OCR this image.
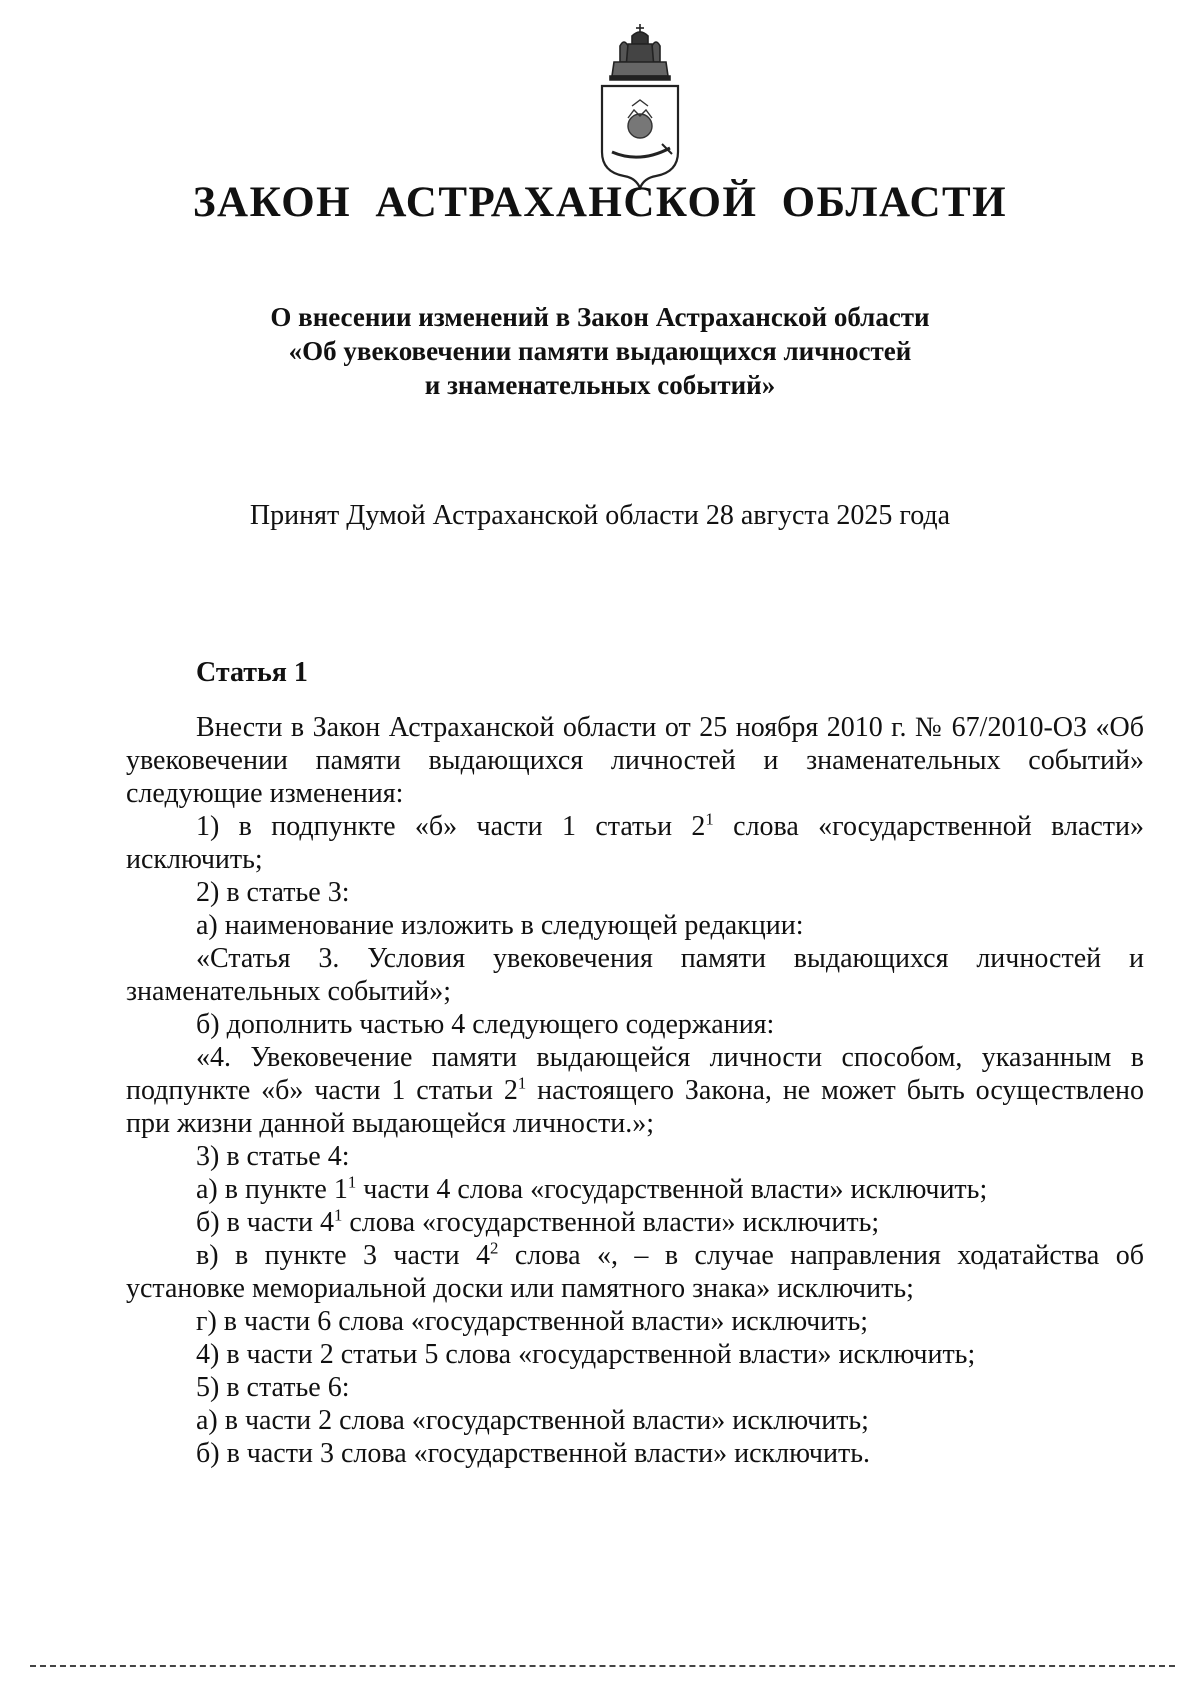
ЗАКОН АСТРАХАНСКОЙ ОБЛАСТИ
О внесении изменений в Закон Астраханской области
«Об увековечении памяти выдающихся личностей
и знаменательных событий»

Принят Думой Астраханской области 28 августа 2025 года

Статья 1

Внести в Закон Астраханской области от 25 ноября 2010 г. № 67/2010-ОЗ «Об увековечении памяти выдающихся личностей и знаменательных событий» следующие изменения:

1) в подпункте «б» части 1 статьи $2^1$ слова «государственной власти» исключить;

2) в статье 3:

а) наименование изложить в следующей редакции:

«Статья 3. Условия увековечения памяти выдающихся личностей и знаменательных событий»;

б) дополнить частью 4 следующего содержания:

«4. Увековечение памяти выдающейся личности способом, указанным в подпункте «б» части 1 статьи $2^1$ настоящего Закона, не может быть осуществлено при жизни данной выдающейся личности.»;

3) в статье 4:

а) в пункте $1^1$ части 4 слова «государственной власти» исключить;

б) в части $4^1$ слова «государственной власти» исключить;

в) в пункте 3 части $4^2$ слова «, – в случае направления ходатайства об установке мемориальной доски или памятного знака» исключить;

г) в части 6 слова «государственной власти» исключить;

4) в части 2 статьи 5 слова «государственной власти» исключить;

5) в статье 6:

а) в части 2 слова «государственной власти» исключить;

б) в части 3 слова «государственной власти» исключить.
